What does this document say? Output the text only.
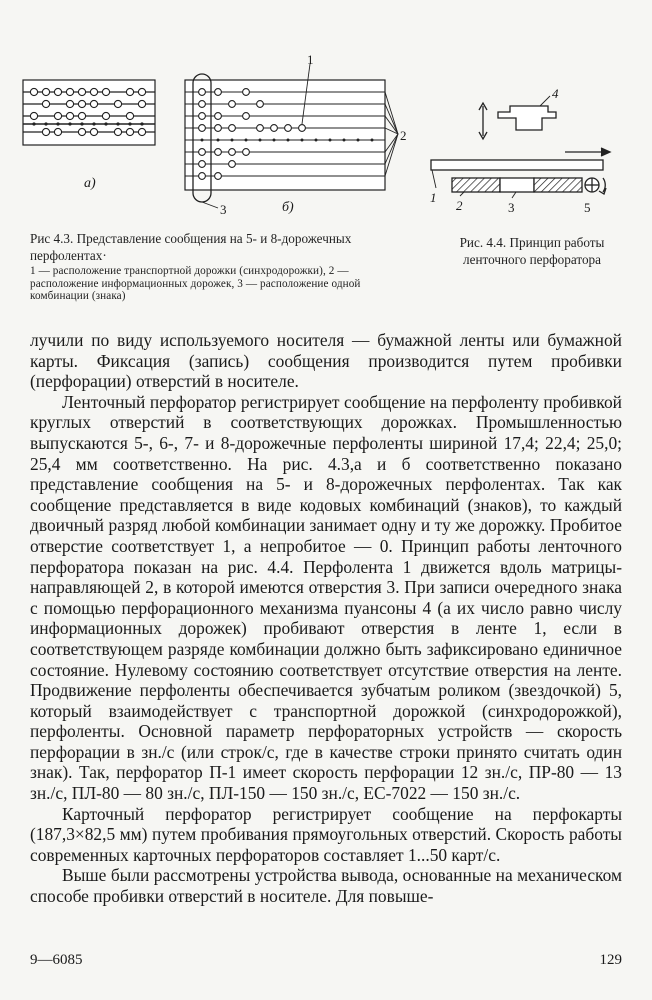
а)
б)
1
2
3
4
1
2	3	5
Рис 4.3. Представление сообщения на 5- и 8-дорожечных перфолентах·
1 — расположение транспортной дорожки (синхродорожки), 2 — расположение информационных дорожек, 3 — расположение одной комбинации (знака)
Рис. 4.4. Принцип работы ленточного перфоратора

лучили по виду используемого носителя — бумажной ленты или бумажной карты. Фиксация (запись) сообщения производится путем пробивки (перфорации) отверстий в носителе.

Ленточный перфоратор регистрирует сообщение на перфоленту пробивкой круглых отверстий в соответствующих дорожках. Промышленностью выпускаются 5-, 6-, 7- и 8-дорожечные перфоленты шириной 17,4; 22,4; 25,0; 25,4 мм соответственно. На рис. 4.3,а и б соответственно показано представление сообщения на 5- и 8-дорожечных перфолентах. Так как сообщение представляется в виде кодовых комбинаций (знаков), то каждый двоичный разряд любой комбинации занимает одну и ту же дорожку. Пробитое отверстие соответствует 1, а непробитое — 0. Принцип работы ленточного перфоратора показан на рис. 4.4. Перфолента 1 движется вдоль матрицы-направляющей 2, в которой имеются отверстия 3. При записи очередного знака с помощью перфорационного механизма пуансоны 4 (а их число равно числу информационных дорожек) пробивают отверстия в ленте 1, если в соответствующем разряде комбинации должно быть зафиксировано единичное состояние. Нулевому состоянию соответствует отсутствие отверстия на ленте. Продвижение перфоленты обеспечивается зубчатым роликом (звездочкой) 5, который взаимодействует с транспортной дорожкой (синхродорожкой), перфоленты. Основной параметр перфораторных устройств — скорость перфорации в зн./с (или строк/с, где в качестве строки принято считать один знак). Так, перфоратор П-1 имеет скорость перфорации 12 зн./с, ПР-80 — 13 зн./с, ПЛ-80 — 80 зн./с, ПЛ-150 — 150 зн./с, ЕС-7022 — 150 зн./с.

Карточный перфоратор регистрирует сообщение на перфокарты (187,3×82,5 мм) путем пробивания прямоугольных отверстий. Скорость работы современных карточных перфораторов составляет 1...50 карт/с.

Выше были рассмотрены устройства вывода, основанные на механическом способе пробивки отверстий в носителе. Для повыше-

9—6085	129
